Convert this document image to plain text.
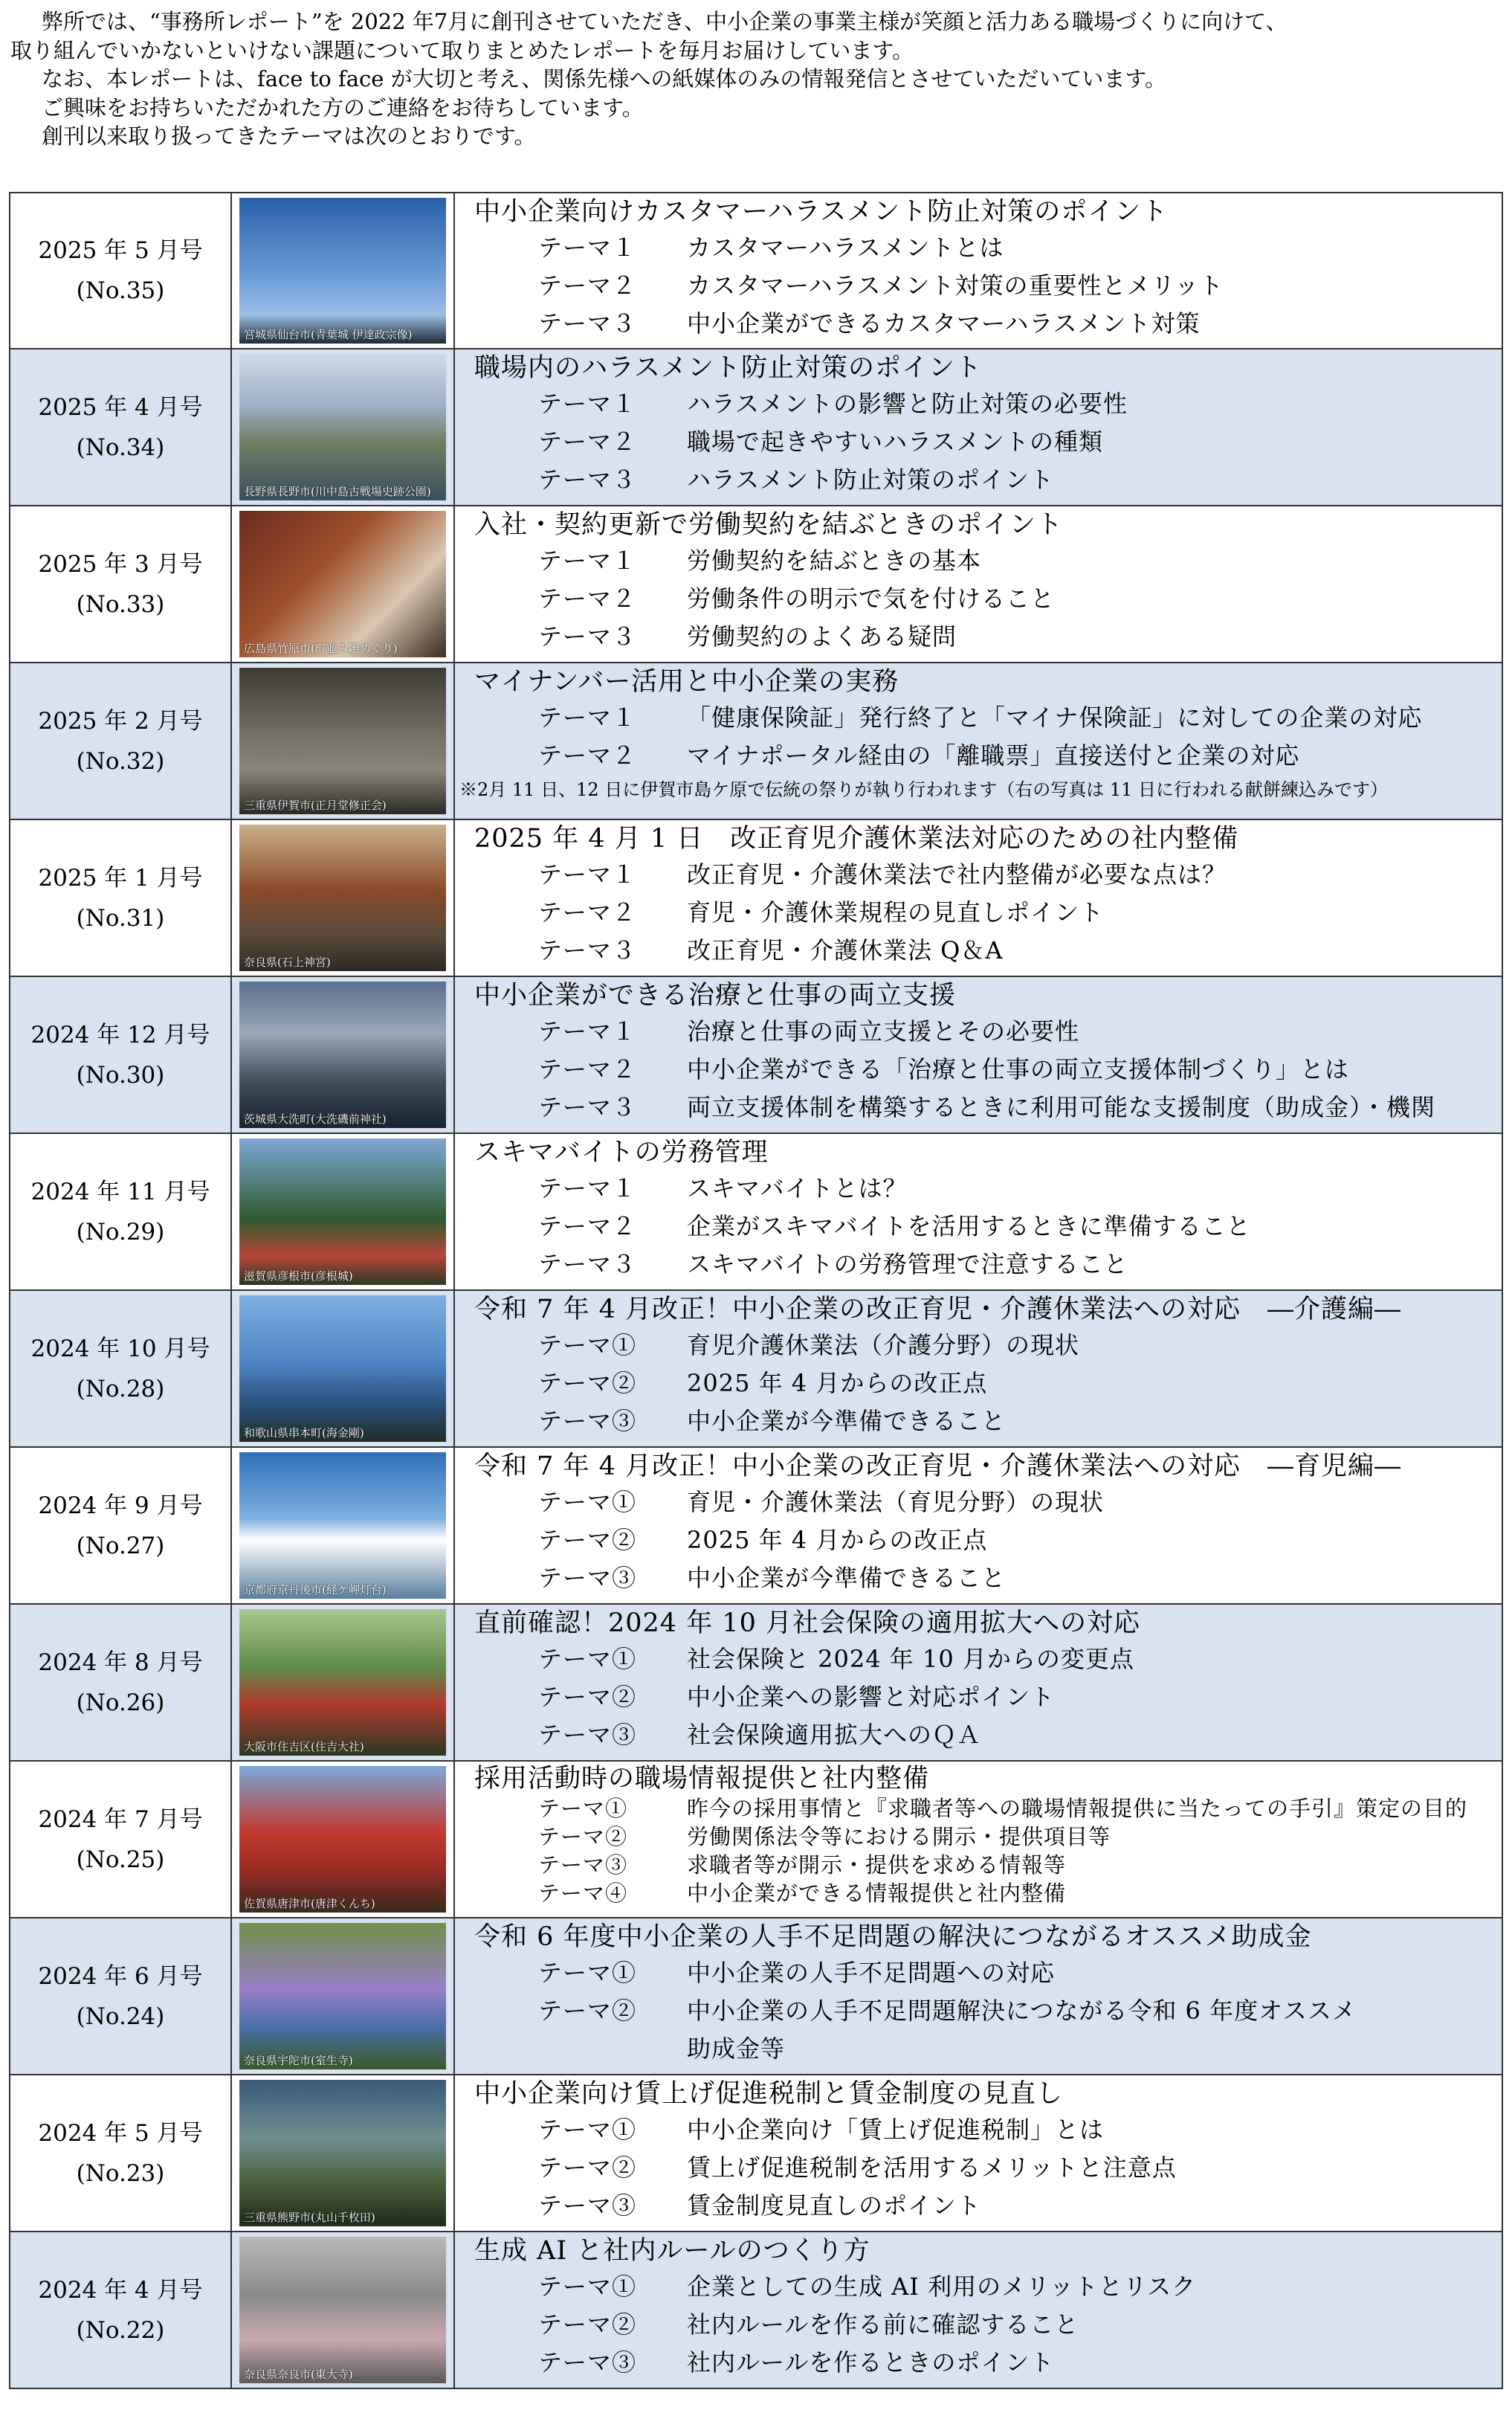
弊所では、“事務所レポート”を 2022 年7月に創刊させていただき、中小企業の事業主様が笑顔と活力ある職場づくりに向けて、

取り組んでいかないといけない課題について取りまとめたレポートを毎月お届けしています。

なお、本レポートは、face to face が大切と考え、関係先様への紙媒体のみの情報発信とさせていただいています。

ご興味をお持ちいただかれた方のご連絡をお待ちしています。

創刊以来取り扱ってきたテーマは次のとおりです。

2025 年 5 月号
(No.35)
宮城県仙台市(青葉城 伊達政宗像)
中小企業向けカスタマーハラスメント防止対策のポイント
テーマ１ カスタマーハラスメントとは
テーマ２ カスタマーハラスメント対策の重要性とメリット
テーマ３ 中小企業ができるカスタマーハラスメント対策
2025 年 4 月号
(No.34)
長野県長野市(川中島古戦場史跡公園)
職場内のハラスメント防止対策のポイント
テーマ１ ハラスメントの影響と防止対策の必要性
テーマ２ 職場で起きやすいハラスメントの種類
テーマ３ ハラスメント防止対策のポイント
2025 年 3 月号
(No.33)
広島県竹原市(町並み雛めぐり)
入社・契約更新で労働契約を結ぶときのポイント
テーマ１ 労働契約を結ぶときの基本
テーマ２ 労働条件の明示で気を付けること
テーマ３ 労働契約のよくある疑問
2025 年 2 月号
(No.32)
三重県伊賀市(正月堂修正会)
マイナンバー活用と中小企業の実務
テーマ１ 「健康保険証」発行終了と「マイナ保険証」に対しての企業の対応
テーマ２ マイナポータル経由の「離職票」直接送付と企業の対応
※2月 11 日、12 日に伊賀市島ケ原で伝統の祭りが執り行われます（右の写真は 11 日に行われる献餅練込みです）
2025 年 1 月号
(No.31)
奈良県(石上神宮)
2025 年 4 月 1 日　改正育児介護休業法対応のための社内整備
テーマ１ 改正育児・介護休業法で社内整備が必要な点は？
テーマ２ 育児・介護休業規程の見直しポイント
テーマ３ 改正育児・介護休業法 Q＆A
2024 年 12 月号
(No.30)
茨城県大洗町(大洗磯前神社)
中小企業ができる治療と仕事の両立支援
テーマ１ 治療と仕事の両立支援とその必要性
テーマ２ 中小企業ができる「治療と仕事の両立支援体制づくり」とは
テーマ３ 両立支援体制を構築するときに利用可能な支援制度（助成金）・機関
2024 年 11 月号
(No.29)
滋賀県彦根市(彦根城)
スキマバイトの労務管理
テーマ１ スキマバイトとは？
テーマ２ 企業がスキマバイトを活用するときに準備すること
テーマ３ スキマバイトの労務管理で注意すること
2024 年 10 月号
(No.28)
和歌山県串本町(海金剛)
令和 7 年 4 月改正！中小企業の改正育児・介護休業法への対応　―介護編―
テーマ① 育児介護休業法（介護分野）の現状
テーマ② 2025 年 4 月からの改正点
テーマ③ 中小企業が今準備できること
2024 年 9 月号
(No.27)
京都府京丹後市(経ケ岬灯台)
令和 7 年 4 月改正！中小企業の改正育児・介護休業法への対応　―育児編―
テーマ① 育児・介護休業法（育児分野）の現状
テーマ② 2025 年 4 月からの改正点
テーマ③ 中小企業が今準備できること
2024 年 8 月号
(No.26)
大阪市住吉区(住吉大社)
直前確認！2024 年 10 月社会保険の適用拡大への対応
テーマ① 社会保険と 2024 年 10 月からの変更点
テーマ② 中小企業への影響と対応ポイント
テーマ③ 社会保険適用拡大へのＱＡ
2024 年 7 月号
(No.25)
佐賀県唐津市(唐津くんち)
採用活動時の職場情報提供と社内整備
テーマ①	昨今の採用事情と『求職者等への職場情報提供に当たっての手引』策定の目的
テーマ②	労働関係法令等における開示・提供項目等
テーマ③	求職者等が開示・提供を求める情報等
テーマ④	中小企業ができる情報提供と社内整備
2024 年 6 月号
(No.24)
奈良県宇陀市(室生寺)
令和 6 年度中小企業の人手不足問題の解決につながるオススメ助成金
テーマ① 中小企業の人手不足問題への対応
テーマ② 中小企業の人手不足問題解決につながる令和 6 年度オススメ
助成金等
2024 年 5 月号
(No.23)
三重県熊野市(丸山千枚田)
中小企業向け賃上げ促進税制と賃金制度の見直し
テーマ① 中小企業向け「賃上げ促進税制」とは
テーマ② 賃上げ促進税制を活用するメリットと注意点
テーマ③ 賃金制度見直しのポイント
2024 年 4 月号
(No.22)
奈良県奈良市(東大寺)
生成 AI と社内ルールのつくり方
テーマ① 企業としての生成 AI 利用のメリットとリスク
テーマ② 社内ルールを作る前に確認すること
テーマ③ 社内ルールを作るときのポイント
